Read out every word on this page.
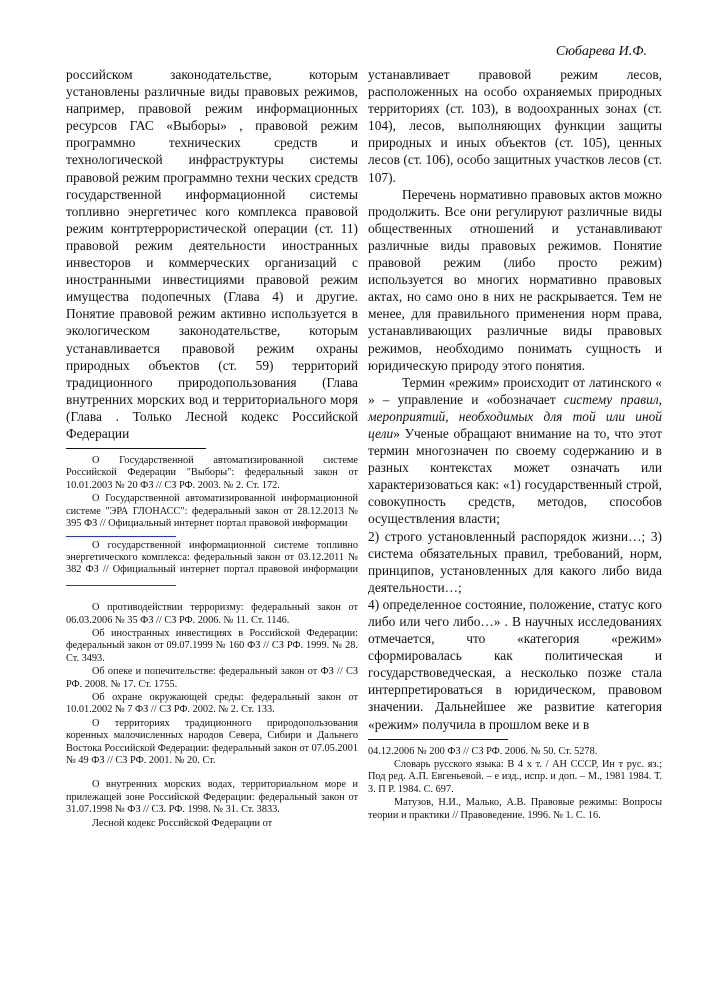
Сюбарева И.Ф.

российском законодательстве, которым установлены различные виды правовых режимов, например, правовой режим информационных ресурсов ГАС «Выборы» , правовой режим программно технических средств и технологической инфраструктуры системы правовой режим программно техни ческих средств государственной информационной системы топливно энергетичес кого комплекса правовой режим контртеррористической операции (ст. 11) правовой режим деятельности иностранных инвесторов и коммерческих организаций с иностранными инвестициями правовой режим имущества подопечных (Глава 4) и другие. Понятие правовой режим активно используется в экологическом законодательстве, которым устанавливается правовой режим охраны природных объектов (ст. 59) территорий традиционного природопользования (Глава внутренних морских вод и территориального моря (Глава . Только Лесной кодекс Российской Федерации

О Государственной автоматизированной системе Российской Федерации "Выборы": федеральный закон от 10.01.2003 № 20 ФЗ // СЗ РФ. 2003. № 2. Ст. 172.

О Государственной автоматизированной информационной системе "ЭРА ГЛОНАСС": федеральный закон от 28.12.2013 № 395 ФЗ // Официальный интернет портал правовой информации

О государственной информационной системе топливно энергетического комплекса: федеральный закон от 03.12.2011 № 382 ФЗ // Официальный интернет портал правовой информации

О противодействии терроризму: федеральный закон от 06.03.2006 № 35 ФЗ // СЗ РФ. 2006. № 11. Ст. 1146.

Об иностранных инвестициях в Российской Федерации: федеральный закон от 09.07.1999 № 160 ФЗ // СЗ РФ. 1999. № 28. Ст. 3493.

Об опеке и попечительстве: федеральный закон от ФЗ // СЗ РФ. 2008. № 17. Ст. 1755.

Об охране окружающей среды: федеральный закон от 10.01.2002 № 7 ФЗ // СЗ РФ. 2002. № 2. Ст. 133.

О территориях традиционного природопользования коренных малочисленных народов Севера, Сибири и Дальнего Востока Российской Федерации: федеральный закон от 07.05.2001 № 49 ФЗ // СЗ РФ. 2001. № 20. Ст.

О внутренних морских водах, территориальном море и прилежащей зоне Российской Федерации: федеральный закон от 31.07.1998 № ФЗ // СЗ. РФ. 1998. № 31. Ст. 3833.

Лесной кодекс Российской Федерации от

устанавливает правовой режим лесов, расположенных на особо охраняемых природных территориях (ст. 103), в водоохранных зонах (ст. 104), лесов, выполняющих функции защиты природных и иных объектов (ст. 105), ценных лесов (ст. 106), особо защитных участков лесов (ст. 107).

Перечень нормативно правовых актов можно продолжить. Все они регулируют различные виды общественных отношений и устанавливают различные виды правовых режимов. Понятие правовой режим (либо просто режим) используется во многих нормативно правовых актах, но само оно в них не раскрывается. Тем не менее, для правильного применения норм права, устанавливающих различные виды правовых режимов, необходимо понимать сущность и юридическую природу этого понятия.

Термин «режим» происходит от латинского « » – управление и «обозначает систему правил, мероприятий, необходимых для той или иной цели» Ученые обращают внимание на то, что этот термин многозначен по своему содержанию и в разных контекстах может означать или характеризоваться как: «1) государственный строй, совокупность средств, методов, способов осуществления власти;

2) строго установленный распорядок жизни…; 3) система обязательных правил, требований, норм, принципов, установленных для какого либо вида деятельности…;

4) определенное состояние, положение, статус кого либо или чего либо…» . В научных исследованиях отмечается, что «категория «режим» сформировалась как политическая и государствоведческая, а несколько позже стала интерпретироваться в юридическом, правовом значении. Дальнейшее же развитие категория «режим» получила в прошлом веке и в

04.12.2006 № 200 ФЗ // СЗ РФ. 2006. № 50. Ст. 5278.

Словарь русского языка: В 4 х т. / АН СССР, Ин т рус. яз.; Под ред. А.П. Евгеньевой. – е изд., испр. и доп. – М., 1981 1984. Т. 3. П Р. 1984. С. 697.

Матузов, Н.И., Малько, А.В. Правовые режимы: Вопросы теории и практики // Правоведение. 1996. № 1. С. 16.
